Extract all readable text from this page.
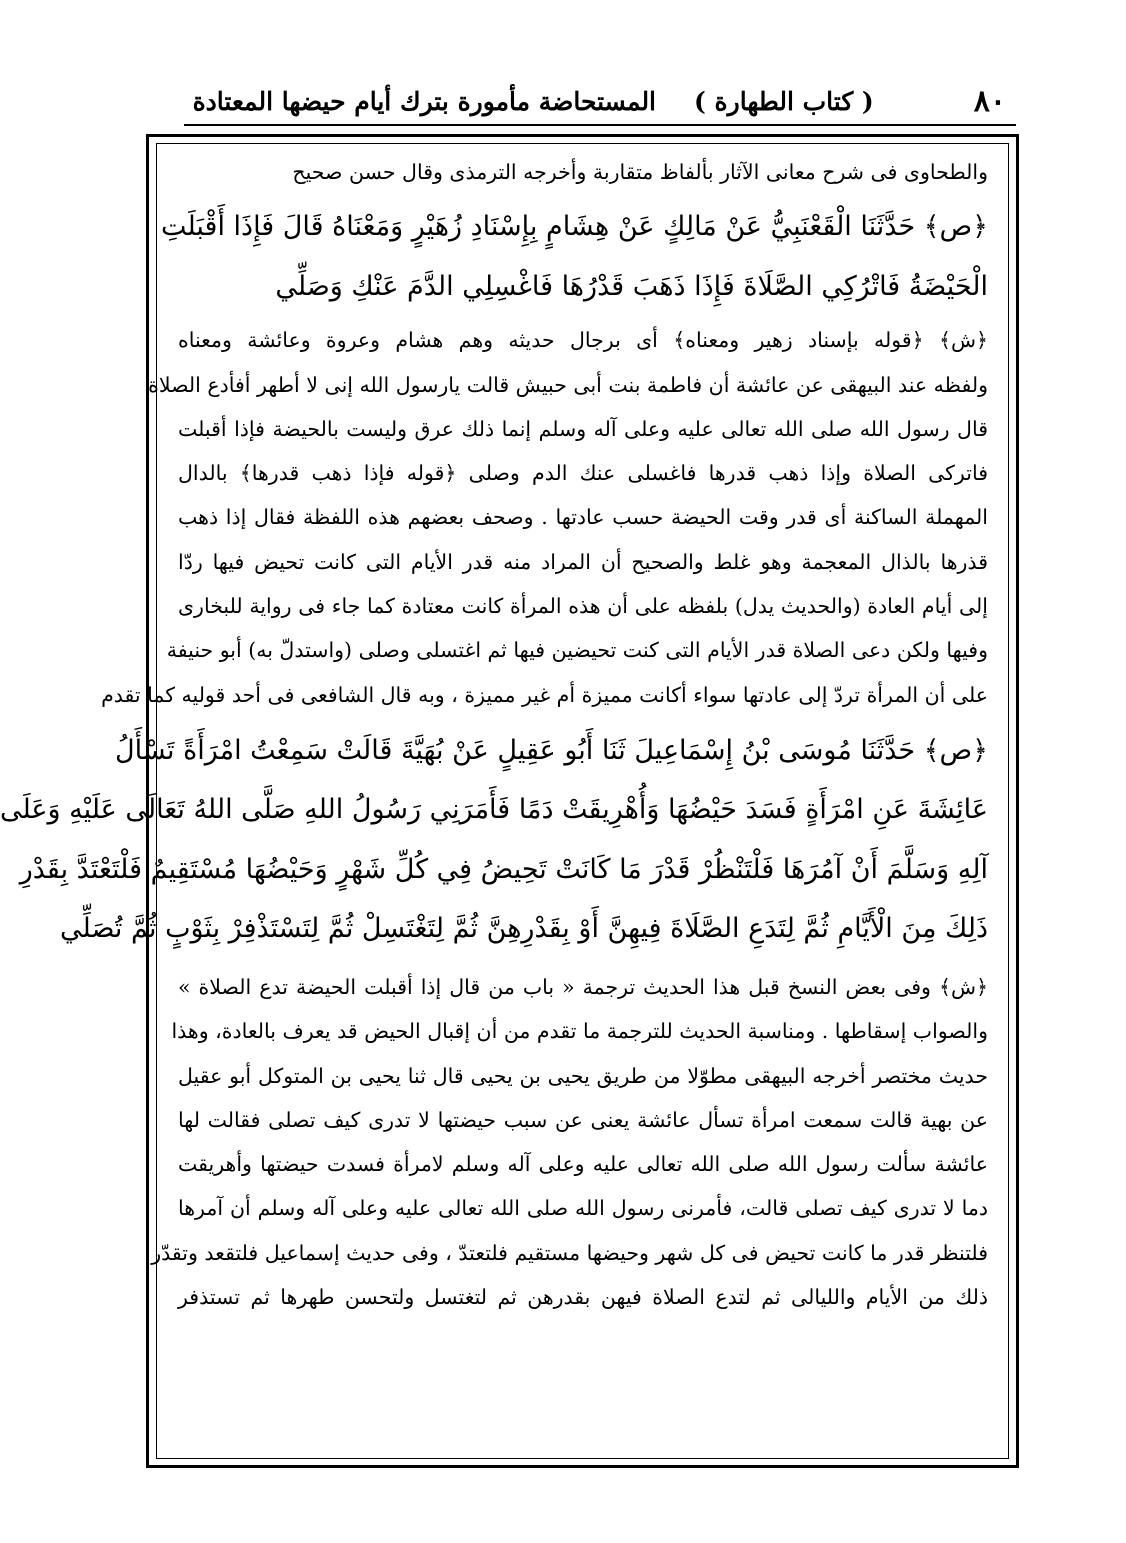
٨٠
( كتاب الطهارة )
المستحاضة مأمورة بترك أيام حيضها المعتادة

والطحاوى فى شرح معانى الآثار بألفاظ متقاربة وأخرجه الترمذى وقال حسن صحيح

﴿ص﴾ حَدَّثَنَا الْقَعْنَبِيُّ عَنْ مَالِكٍ عَنْ هِشَامٍ بِإِسْنَادِ زُهَيْرٍ وَمَعْنَاهُ قَالَ فَإِذَا أَقْبَلَتِ

الْحَيْضَةُ فَاتْرُكِي الصَّلَاةَ فَإِذَا ذَهَبَ قَدْرُهَا فَاغْسِلِي الدَّمَ عَنْكِ وَصَلِّي

﴿ش﴾ ﴿قوله بإسناد زهير ومعناه﴾ أى برجال حديثه وهم هشام وعروة وعائشة ومعناه

ولفظه عند البيهقى عن عائشة أن فاطمة بنت أبى حبيش قالت يارسول الله إنى لا أطهر أفأدع الصلاة

قال رسول الله صلى الله تعالى عليه وعلى آله وسلم إنما ذلك عرق وليست بالحيضة فإذا أقبلت

فاتركى الصلاة وإذا ذهب قدرها فاغسلى عنك الدم وصلى ﴿قوله فإذا ذهب قدرها﴾ بالدال

المهملة الساكنة أى قدر وقت الحيضة حسب عادتها . وصحف بعضهم هذه اللفظة فقال إذا ذهب

قذرها بالذال المعجمة وهو غلط والصحيح أن المراد منه قدر الأيام التى كانت تحيض فيها ردّا

إلى أيام العادة (والحديث يدل) بلفظه على أن هذه المرأة كانت معتادة كما جاء فى رواية للبخارى

وفيها ولكن دعى الصلاة قدر الأيام التى كنت تحيضين فيها ثم اغتسلى وصلى (واستدلّ به) أبو حنيفة

على أن المرأة تردّ إلى عادتها سواء أكانت مميزة أم غير مميزة ، وبه قال الشافعى فى أحد قوليه كما تقدم

﴿ص﴾ حَدَّثَنَا مُوسَى بْنُ إِسْمَاعِيلَ ثَنَا أَبُو عَقِيلٍ عَنْ بُهَيَّةَ قَالَتْ سَمِعْتُ امْرَأَةً تَسْأَلُ

عَائِشَةَ عَنِ امْرَأَةٍ فَسَدَ حَيْضُهَا وَأُهْرِيقَتْ دَمًا فَأَمَرَنِي رَسُولُ اللهِ صَلَّى اللهُ تَعَالَى عَلَيْهِ وَعَلَى

آلِهِ وَسَلَّمَ أَنْ آمُرَهَا فَلْتَنْظُرْ قَدْرَ مَا كَانَتْ تَحِيضُ فِي كُلِّ شَهْرٍ وَحَيْضُهَا مُسْتَقِيمٌ فَلْتَعْتَدَّ بِقَدْرِ

ذَلِكَ مِنَ الْأَيَّامِ ثُمَّ لِتَدَعِ الصَّلَاةَ فِيهِنَّ أَوْ بِقَدْرِهِنَّ ثُمَّ لِتَغْتَسِلْ ثُمَّ لِتَسْتَذْفِرْ بِثَوْبٍ ثُمَّ تُصَلِّي

﴿ش﴾ وفى بعض النسخ قبل هذا الحديث ترجمة « باب من قال إذا أقبلت الحيضة تدع الصلاة »

والصواب إسقاطها . ومناسبة الحديث للترجمة ما تقدم من أن إقبال الحيض قد يعرف بالعادة، وهذا

حديث مختصر أخرجه البيهقى مطوّلا من طريق يحيى بن يحيى قال ثنا يحيى بن المتوكل أبو عقيل

عن بهية قالت سمعت امرأة تسأل عائشة يعنى عن سبب حيضتها لا تدرى كيف تصلى فقالت لها

عائشة سألت رسول الله صلى الله تعالى عليه وعلى آله وسلم لامرأة فسدت حيضتها وأهريقت

دما لا تدرى كيف تصلى قالت، فأمرنى رسول الله صلى الله تعالى عليه وعلى آله وسلم أن آمرها

فلتنظر قدر ما كانت تحيض فى كل شهر وحيضها مستقيم فلتعتدّ ، وفى حديث إسماعيل فلتقعد وتقدّر

ذلك من الأيام والليالى ثم لتدع الصلاة فيهن بقدرهن ثم لتغتسل ولتحسن طهرها ثم تستذفر
